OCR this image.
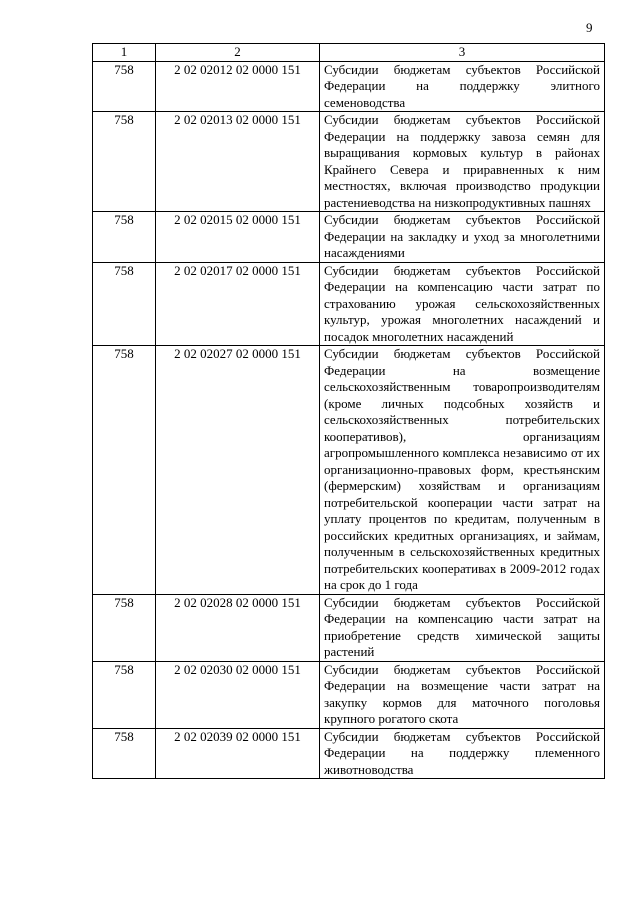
9
1	2	3
758	2 02 02012 02 0000 151	Субсидии бюджетам субъектов Российской Федерации на поддержку элитного семеноводства
758	2 02 02013 02 0000 151	Субсидии бюджетам субъектов Российской Федерации на поддержку завоза семян для выращивания кормовых культур в районах Крайнего Севера и приравненных к ним местностях, включая производство продукции растениеводства на низкопродуктивных пашнях
758	2 02 02015 02 0000 151	Субсидии бюджетам субъектов Российской Федерации на закладку и уход за многолетними насаждениями
758	2 02 02017 02 0000 151	Субсидии бюджетам субъектов Российской Федерации на компенсацию части затрат по страхованию урожая сельскохозяйственных культур, урожая многолетних насаждений и посадок многолетних насаждений
758	2 02 02027 02 0000 151	Субсидии бюджетам субъектов Российской Федерации на возмещение сельскохозяйственным товаропроизводителям (кроме личных подсобных хозяйств и сельскохозяйственных потребительских кооперативов), организациям агропромышленного комплекса независимо от их организационно-правовых форм, крестьянским (фермерским) хозяйствам и организациям потребительской кооперации части затрат на уплату процентов по кредитам, полученным в российских кредитных организациях, и займам, полученным в сельскохозяйственных кредитных потребительских кооперативах в 2009-2012 годах на срок до 1 года
758	2 02 02028 02 0000 151	Субсидии бюджетам субъектов Российской Федерации на компенсацию части затрат на приобретение средств химической защиты растений
758	2 02 02030 02 0000 151	Субсидии бюджетам субъектов Российской Федерации на возмещение части затрат на закупку кормов для маточного поголовья крупного рогатого скота
758	2 02 02039 02 0000 151	Субсидии бюджетам субъектов Российской Федерации на поддержку племенного животноводства
